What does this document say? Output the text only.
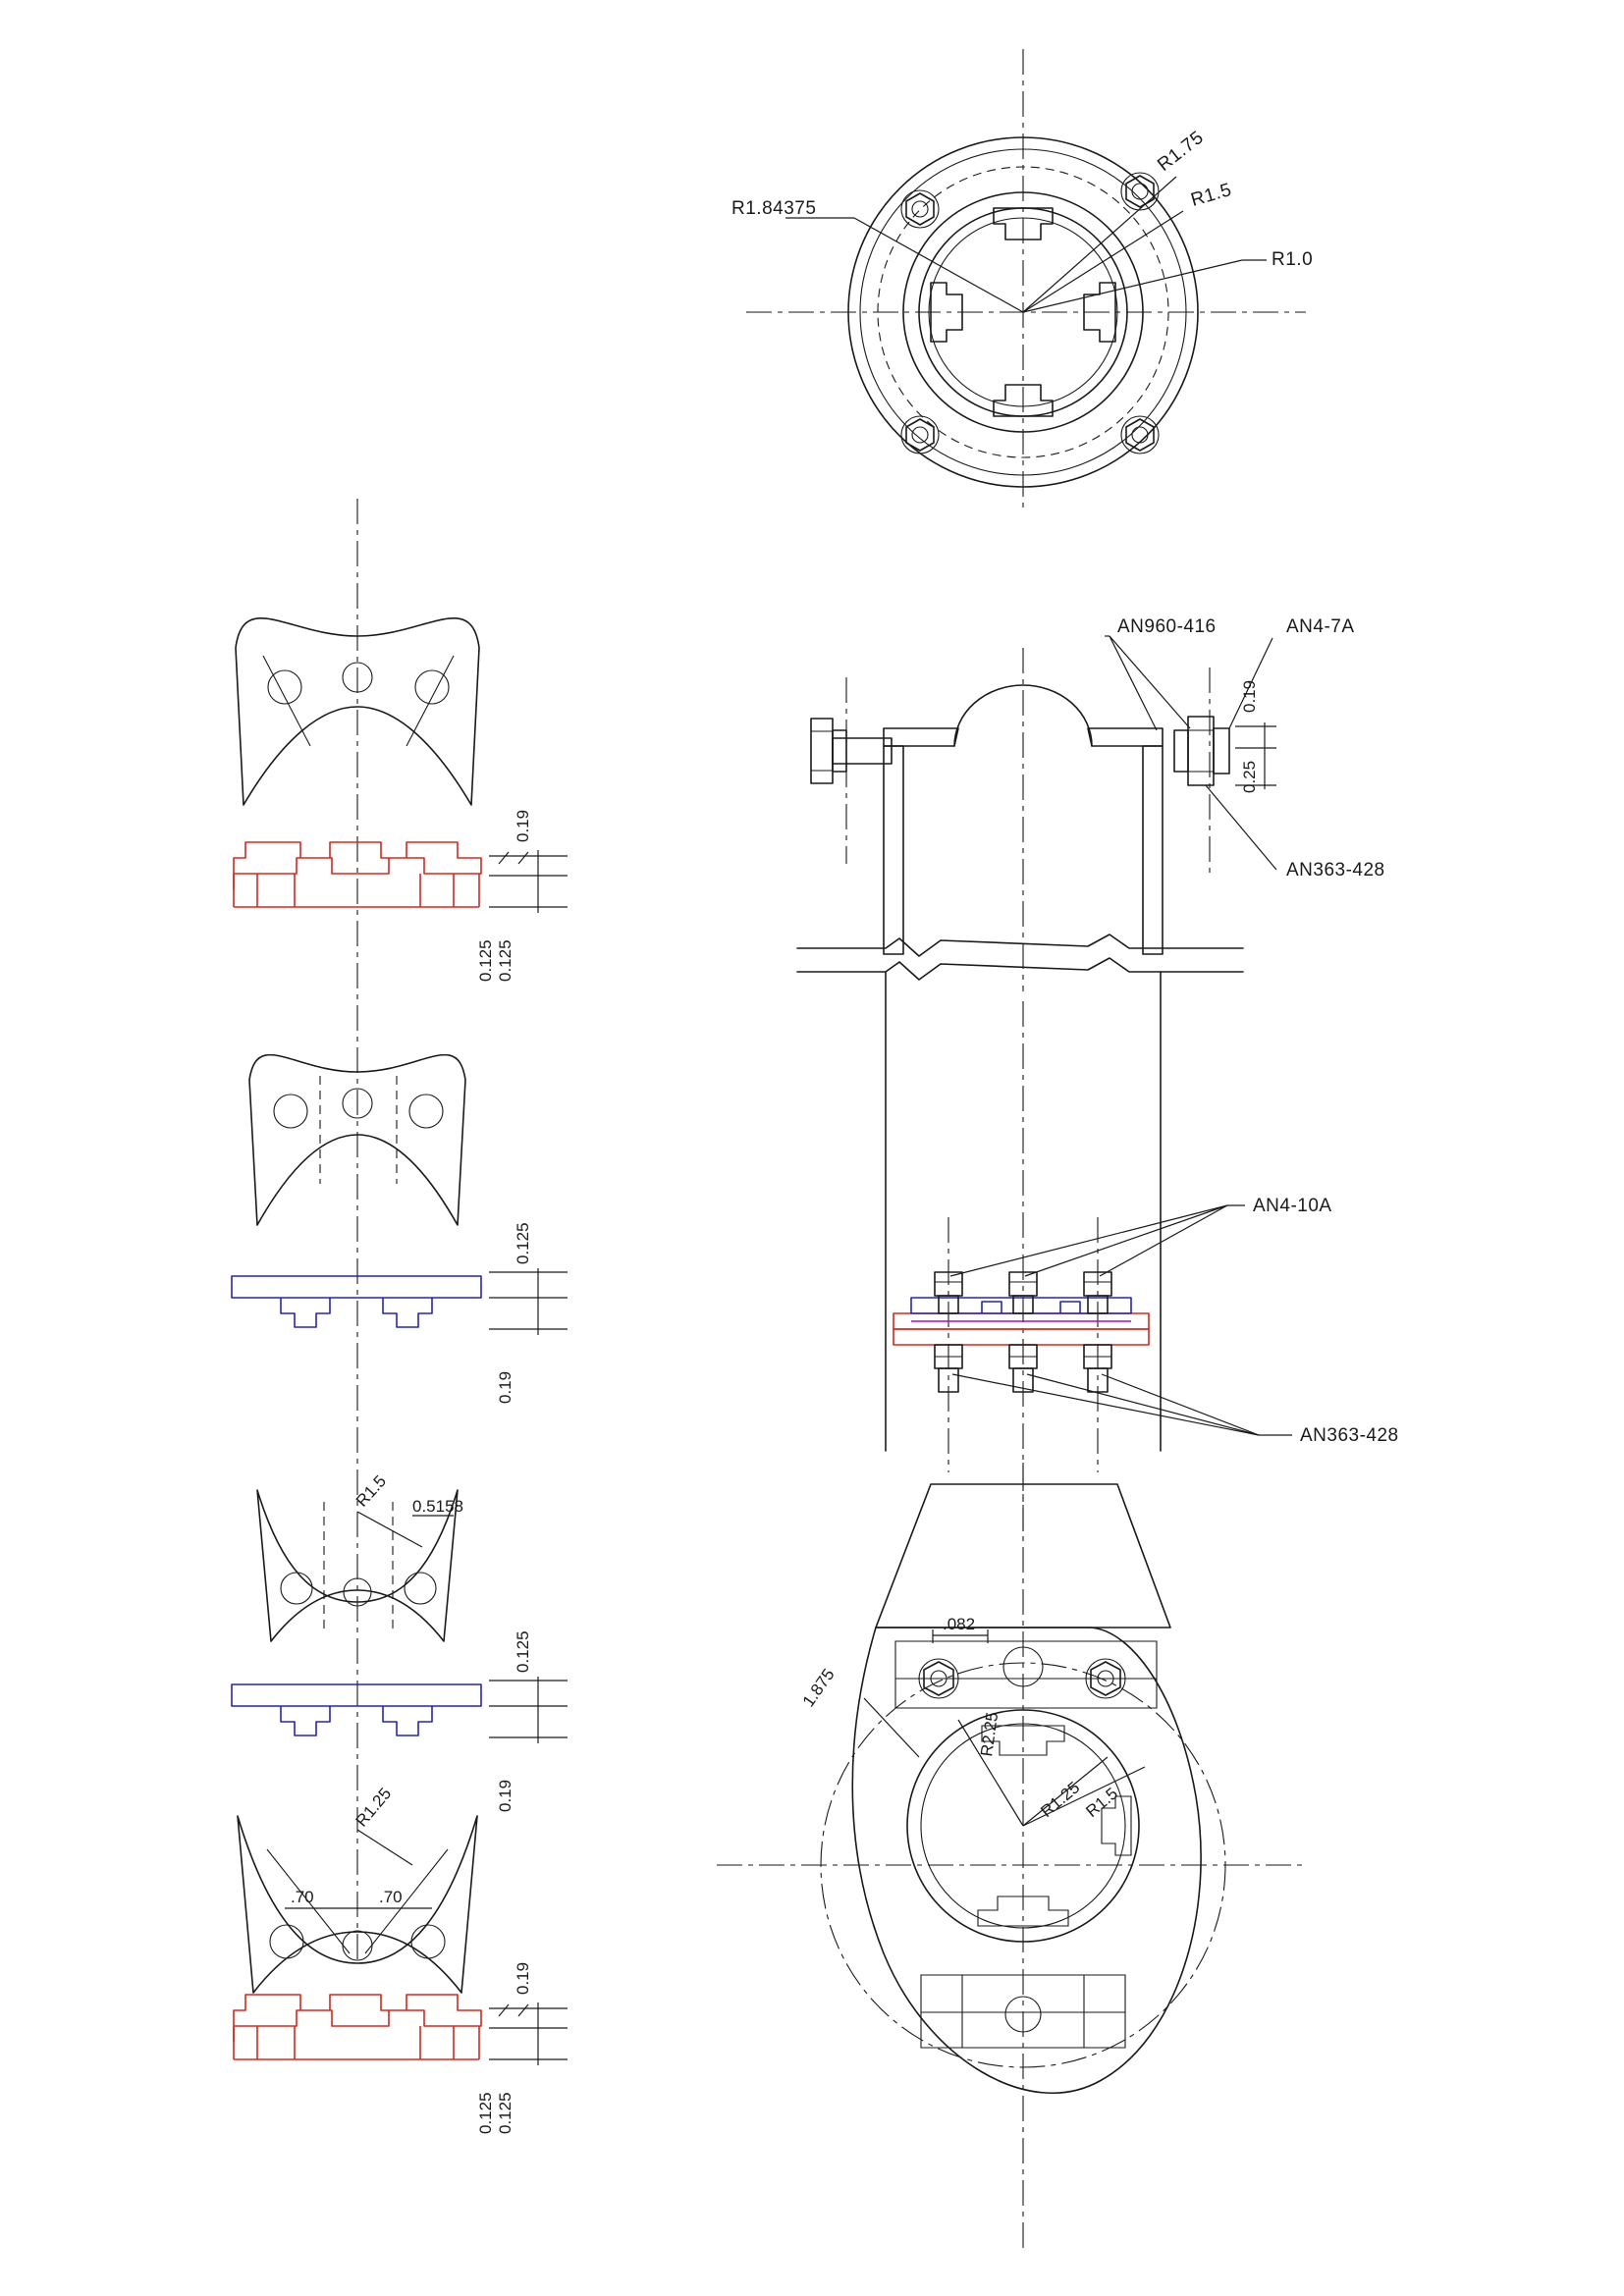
R1.84375
R1.75
R1.5
R1.0
0.19
0.25
AN960-416	AN4-7A
AN363-428
AN4-10A
AN363-428
.082
1.875
R2.25
R1.25 R1.5
0.19
0.125
0.125
0.125
0.19
R1.5 0.5158
0.125
0.19
R1.25
.70	.70
0.19
0.125
0.125
